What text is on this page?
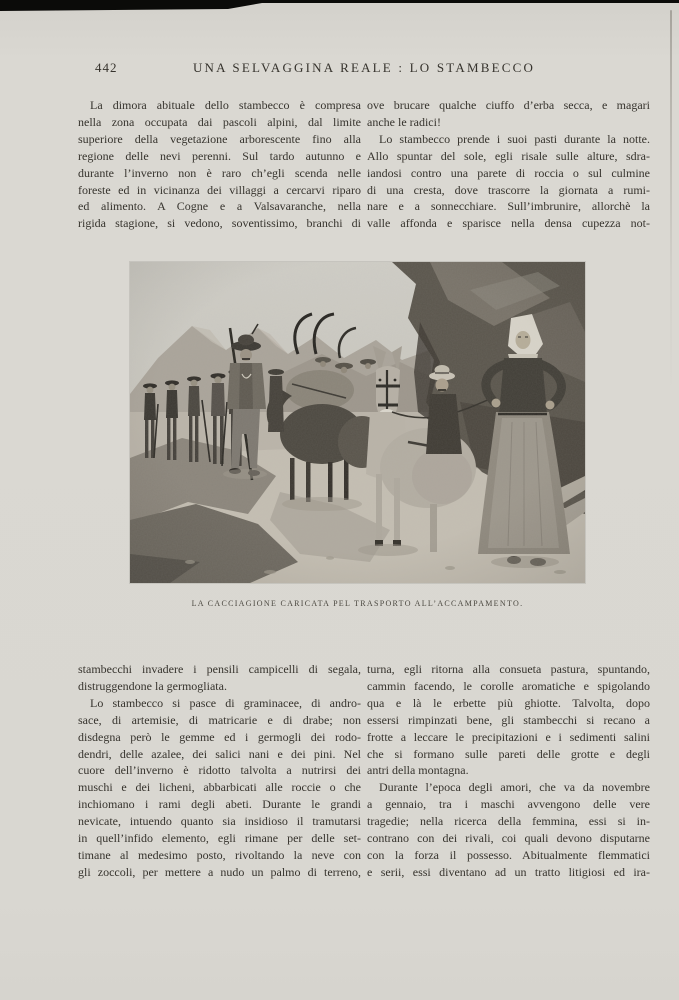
442	UNA SELVAGGINA REALE : LO STAMBECCO
 La dimora abituale dello stambecco è compresa
nella zona occupata dai pascoli alpini, dal limite
superiore della vegetazione arborescente fino alla
regione delle nevi perenni. Sul tardo autunno e
durante l’inverno non è raro ch’egli scenda nelle
foreste ed in vicinanza dei villaggi a cercarvi riparo
ed alimento. A Cogne e a Valsavaranche, nella
rigida stagione, si vedono, soventissimo, branchi di
ove brucare qualche ciuffo d’erba secca, e magari
anche le radici!
 Lo stambecco prende i suoi pasti durante la notte.
Allo spuntar del sole, egli risale sulle alture, sdra-
iandosi contro una parete di roccia o sul culmine
di una cresta, dove trascorre la giornata a rumi-
nare e a sonnecchiare. Sull’imbrunire, allorchè la
valle affonda e sparisce nella densa cupezza not-
LA CACCIAGIONE CARICATA PEL TRASPORTO ALL’ACCAMPAMENTO.
stambecchi invadere i pensili campicelli di segala,
distruggendone la germogliata.
 Lo stambecco si pasce di graminacee, di andro-
sace, di artemisie, di matricarie e di drabe; non
disdegna però le gemme ed i germogli dei rodo-
dendri, delle azalee, dei salici nani e dei pini. Nel
cuore dell’inverno è ridotto talvolta a nutrirsi dei
muschi e dei licheni, abbarbicati alle roccie o che
inchiomano i rami degli abeti. Durante le grandi
nevicate, intuendo quanto sia insidioso il tramutarsi
in quell’infido elemento, egli rimane per delle set-
timane al medesimo posto, rivoltando la neve con
gli zoccoli, per mettere a nudo un palmo di terreno,
turna, egli ritorna alla consueta pastura, spuntando,
cammin facendo, le corolle aromatiche e spigolando
qua e là le erbette più ghiotte. Talvolta, dopo
essersi rimpinzati bene, gli stambecchi si recano a
frotte a leccare le precipitazioni e i sedimenti salini
che si formano sulle pareti delle grotte e degli
antri della montagna.
 Durante l’epoca degli amori, che va da novembre
a gennaio, tra i maschi avvengono delle vere
tragedie; nella ricerca della femmina, essi si in-
contrano con dei rivali, coi quali devono disputarne
con la forza il possesso. Abitualmente flemmatici
e serii, essi diventano ad un tratto litigiosi ed ira-
